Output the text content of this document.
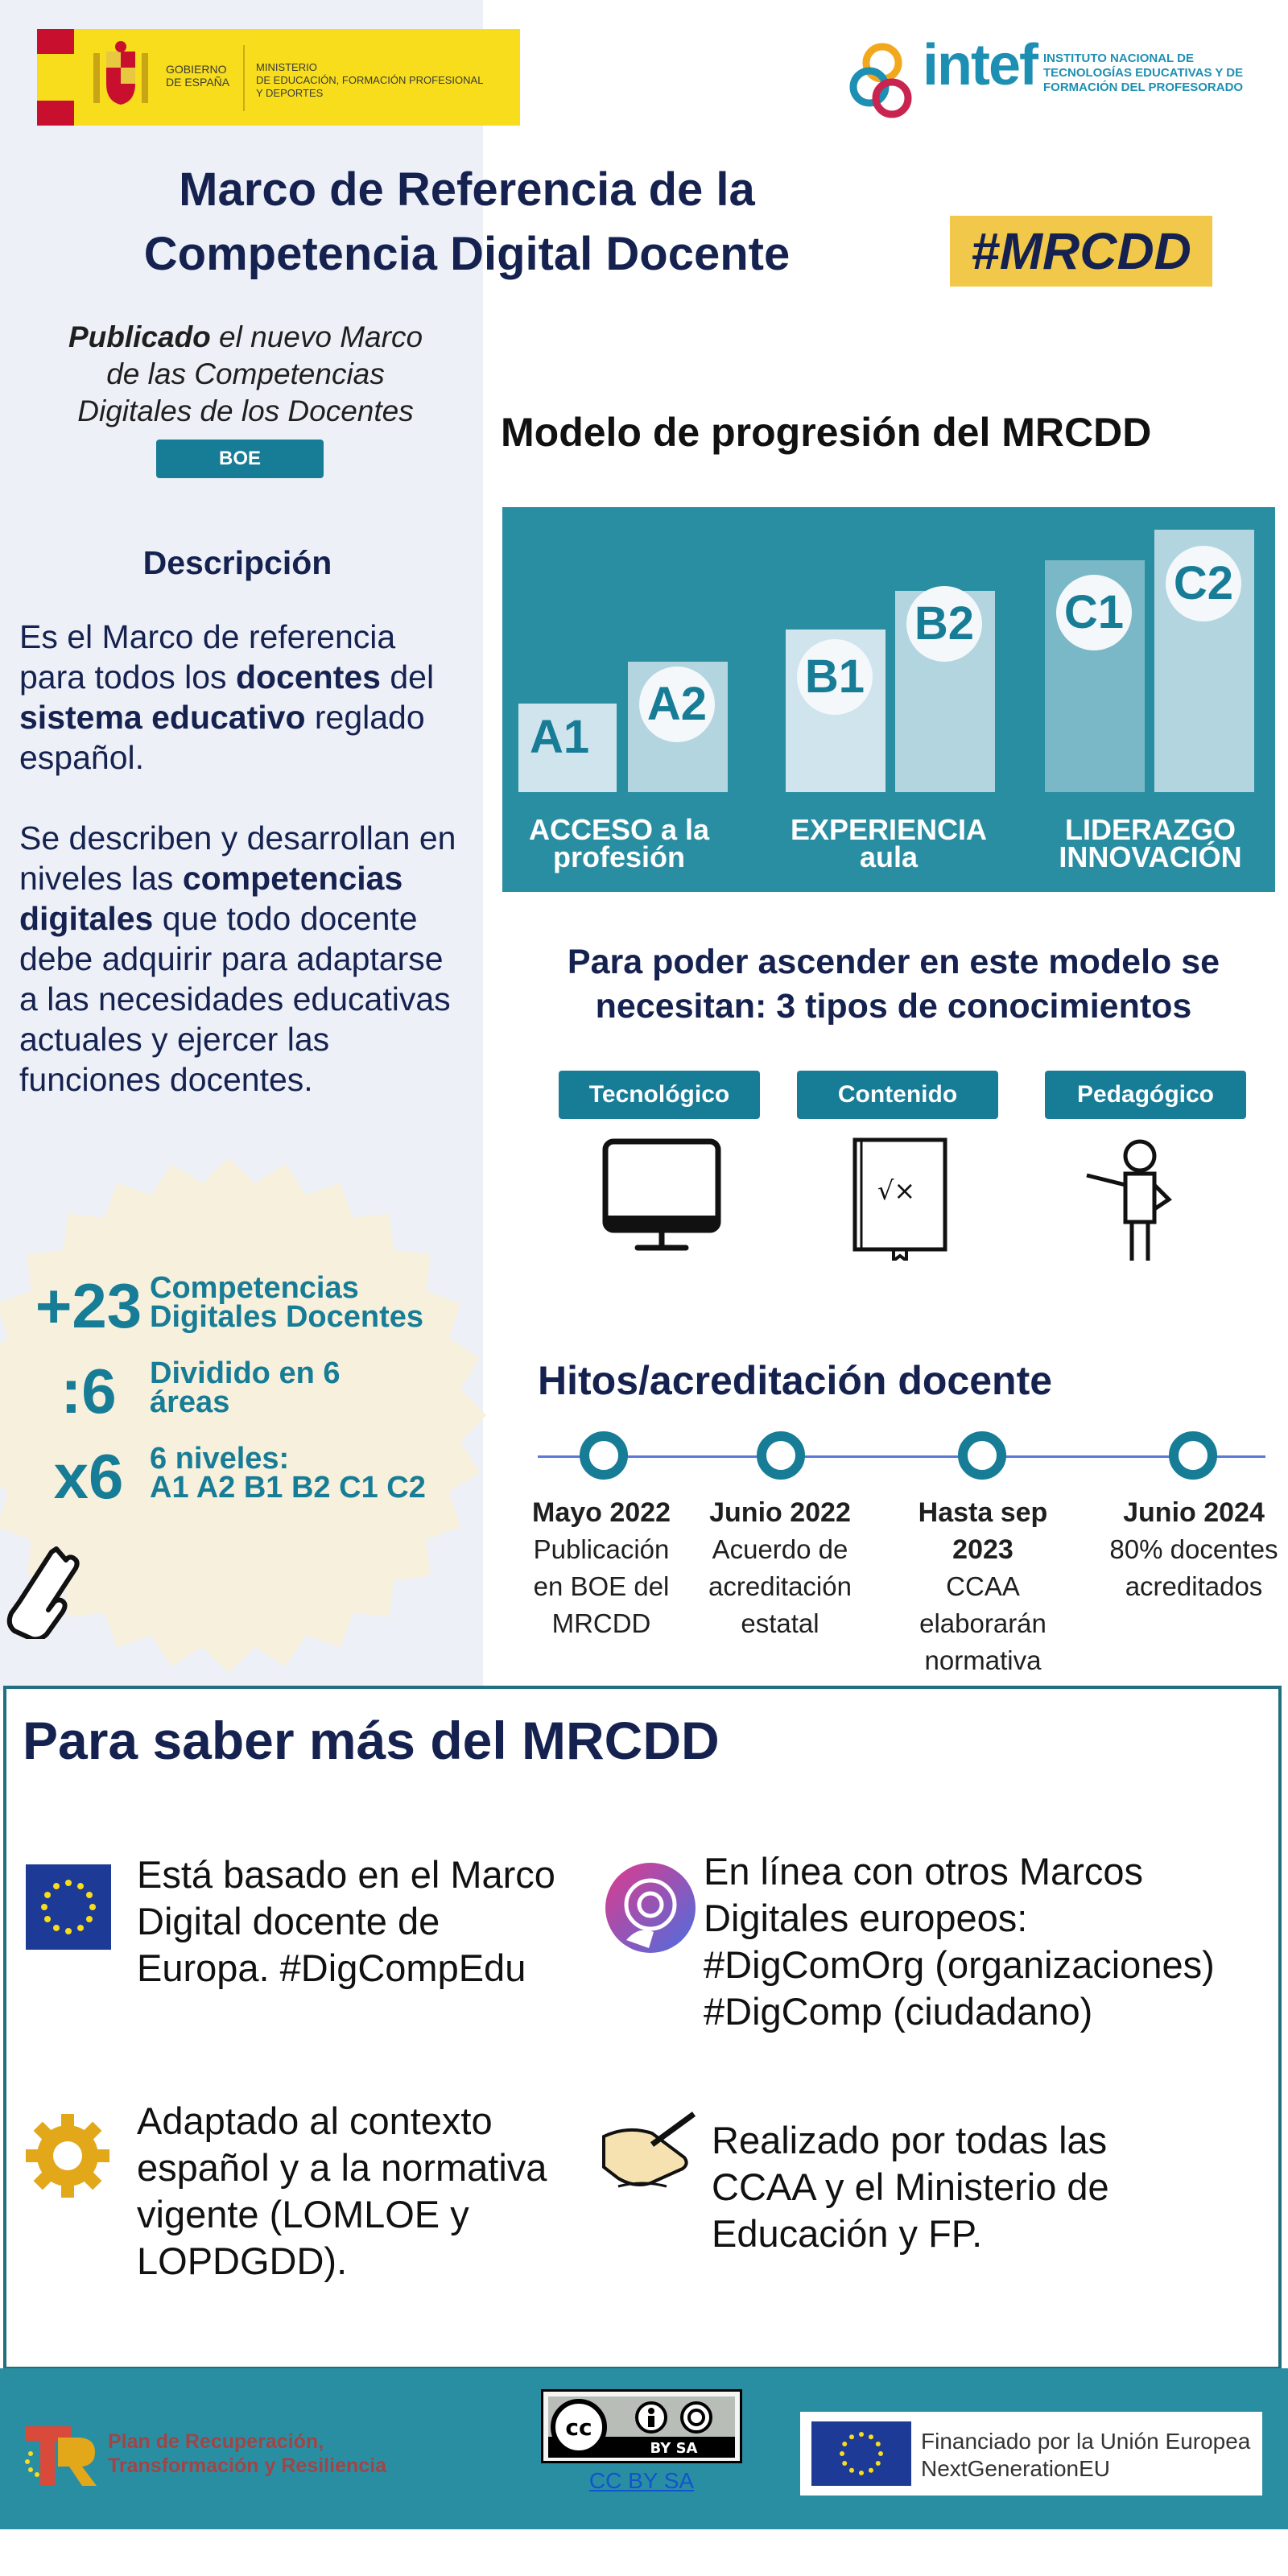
GOBIERNO
DE ESPAÑA
MINISTERIO
DE EDUCACIÓN, FORMACIÓN PROFESIONAL
Y DEPORTES	intef INSTITUTO NACIONAL DE
TECNOLOGÍAS EDUCATIVAS Y DE
FORMACIÓN DEL PROFESORADO
Marco de Referencia de la
Competencia Digital Docente	#MRCDD
Publicado el nuevo Marco
de las Competencias
Digitales de los Docentes
BOE
Descripción
Es el Marco de referencia para todos los docentes del sistema educativo reglado español.
Se describen y desarrollan en niveles las competencias digitales que todo docente debe adquirir para adaptarse a las necesidades educativas actuales y ejercer las funciones docentes.
+23 Competencias
Digitales Docentes
:6	Dividido en 6
áreas
x6 6 niveles:
A1 A2 B1 B2 C1 C2
Modelo de progresión del MRCDD
A1
A2
B1
B2 C1
C2
ACCESO a la
profesión
EXPERIENCIA
aula
LIDERAZGO
INNOVACIÓN
Para poder ascender en este modelo se
necesitan: 3 tipos de conocimientos
Tecnológico	Contenido	Pedagógico
√×
Hitos/acreditación docente
Mayo 2022
Publicación en BOE del MRCDD
Junio 2022
Acuerdo de acreditación estatal
Hasta sep 2023
CCAA elaborarán normativa
Junio 2024
80% docentes acreditados
Para saber más del MRCDD
Está basado en el Marco Digital docente de Europa. #DigCompEdu
En línea con otros Marcos
Digitales europeos:
#DigComOrg (organizaciones)
#DigComp (ciudadano)
Adaptado al contexto español y a la normativa vigente (LOMLOE y LOPDGDD).
Realizado por todas las CCAA y el Ministerio de Educación y FP.
Plan de Recuperación,
Transformación y Resiliencia
cc
BY SA
CC BY SA
Financiado por la Unión Europea
NextGenerationEU
